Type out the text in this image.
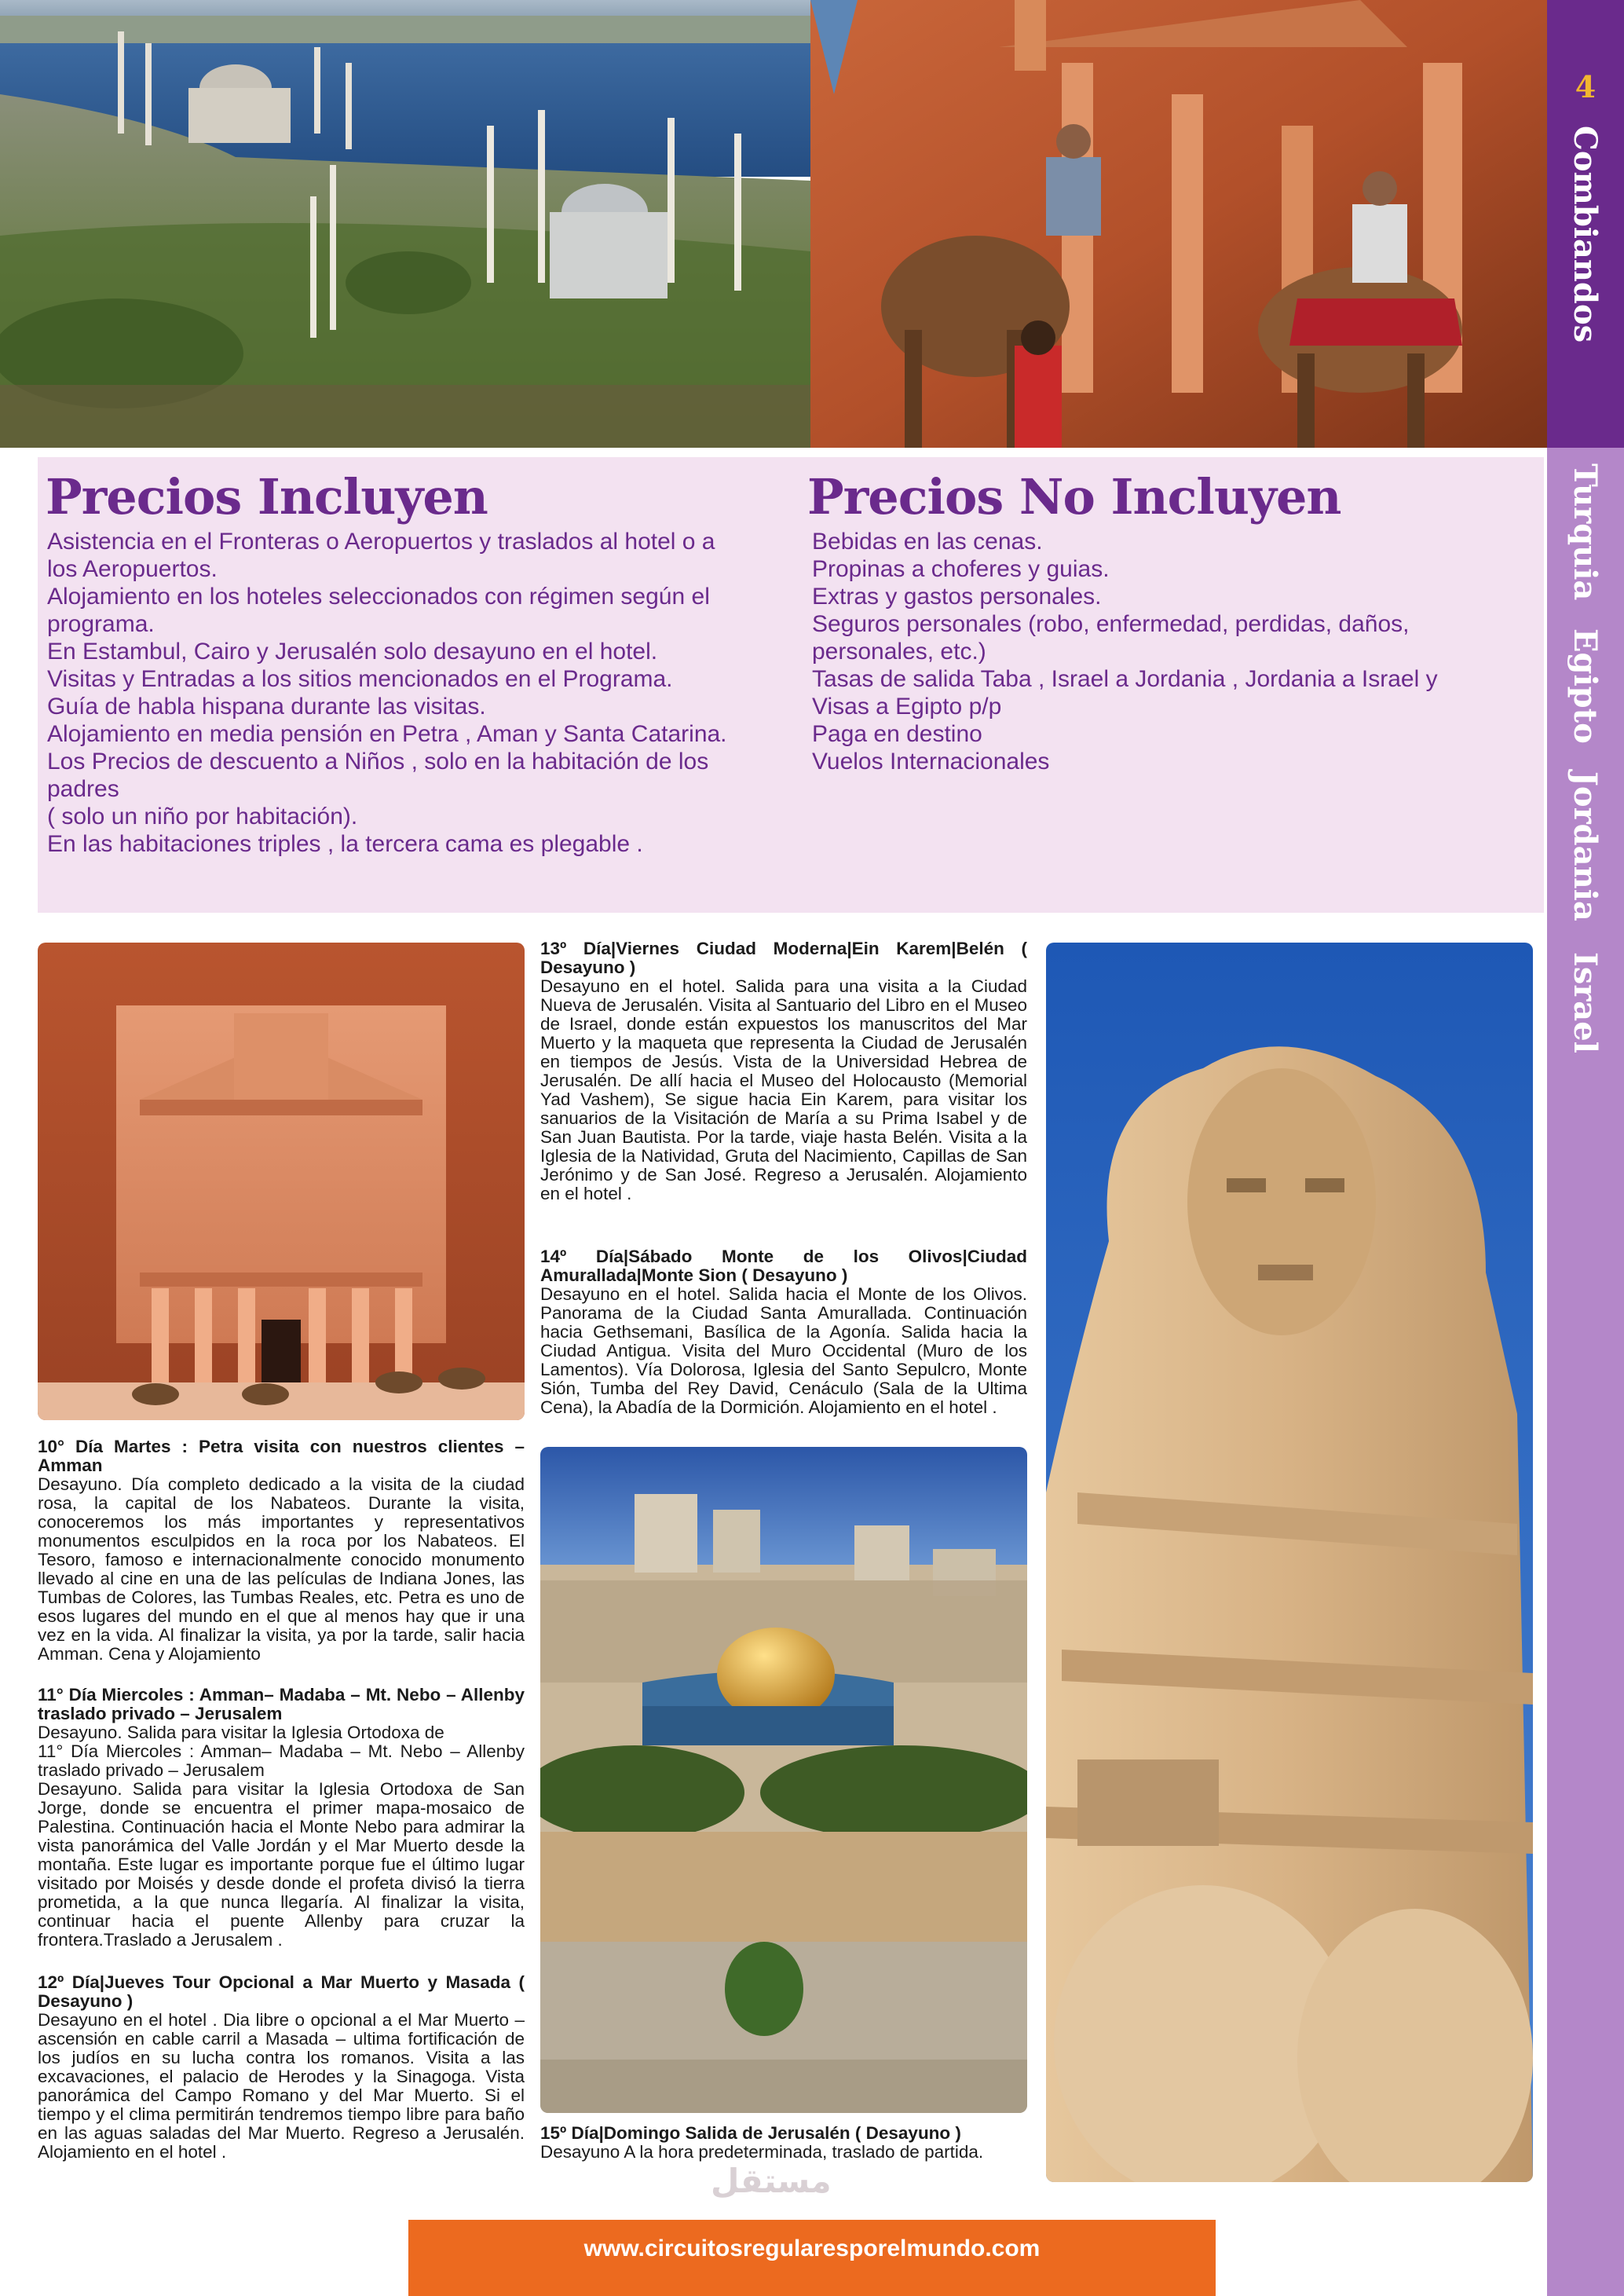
4
Combiandos
Turquia
Egipto
Jordania
Israel
Precios Incluyen
Asistencia en el Fronteras o Aeropuertos y traslados al hotel o a
los Aeropuertos.
Alojamiento en los hoteles seleccionados con régimen según el
programa.
En Estambul, Cairo y Jerusalén solo desayuno en el hotel.
Visitas y Entradas a los sitios mencionados en el Programa.
Guía de habla hispana durante las visitas.
Alojamiento en media pensión en Petra , Aman y Santa Catarina.
Los Precios de descuento a Niños , solo en la habitación de los
padres
( solo un niño por habitación).
En las habitaciones triples , la tercera cama es plegable .
Precios No Incluyen
Bebidas en las cenas.
Propinas a choferes y guias.
Extras y gastos personales.
Seguros personales (robo, enfermedad, perdidas, daños,
personales, etc.)
Tasas de salida Taba , Israel a Jordania , Jordania a Israel y
Visas a Egipto p/p
Paga en destino
Vuelos Internacionales
10° Día Martes : Petra visita con nuestros clientes – Amman

Desayuno. Día completo dedicado a la visita de la ciudad rosa, la capital de los Nabateos. Durante la visita, conoceremos los más importantes y representativos monumentos esculpidos en la roca por los Nabateos. El Tesoro, famoso e internacionalmente conocido monumento llevado al cine en una de las películas de Indiana Jones, las Tumbas de Colores, las Tumbas Reales, etc. Petra es uno de esos lugares del mundo en el que al menos hay que ir una vez en la vida. Al finalizar la visita, ya por la tarde, salir hacia Amman. Cena y Alojamiento

11° Día Miercoles : Amman– Madaba – Mt. Nebo – Allenby traslado privado – Jerusalem

Desayuno. Salida para visitar la Iglesia Ortodoxa de

11° Día Miercoles : Amman– Madaba – Mt. Nebo – Allenby traslado privado – Jerusalem

Desayuno. Salida para visitar la Iglesia Ortodoxa de San Jorge, donde se encuentra el primer mapa-mosaico de Palestina. Continuación hacia el Monte Nebo para admirar la vista panorámica del Valle Jordán y el Mar Muerto desde la montaña. Este lugar es importante porque fue el último lugar visitado por Moisés y desde donde el profeta divisó la tierra prometida, a la que nunca llegaría. Al finalizar la visita, continuar hacia el puente Allenby para cruzar la frontera.Traslado a Jerusalem .

12º Día|Jueves Tour Opcional a Mar Muerto y Masada ( Desayuno )

Desayuno en el hotel . Dia libre o opcional a el Mar Muerto – ascensión en cable carril a Masada – ultima fortificación de los judíos en su lucha contra los romanos. Visita a las excavaciones, el palacio de Herodes y la Sinagoga. Vista panorámica del Campo Romano y del Mar Muerto. Si el tiempo y el clima permitirán tendremos tiempo libre para baño en las aguas saladas del Mar Muerto. Regreso a Jerusalén. Alojamiento en el hotel .

13º Día|Viernes Ciudad Moderna|Ein Karem|Belén ( Desayuno )

Desayuno en el hotel. Salida para una visita a la Ciudad Nueva de Jerusalén. Visita al Santuario del Libro en el Museo de Israel, donde están expuestos los manuscritos del Mar Muerto y la maqueta que representa la Ciudad de Jerusalén en tiempos de Jesús. Vista de la Universidad Hebrea de Jerusalén. De allí hacia el Museo del Holocausto (Memorial Yad Vashem), Se sigue hacia Ein Karem, para visitar los sanuarios de la Visitación de María a su Prima Isabel y de San Juan Bautista. Por la tarde, viaje hasta Belén. Visita a la Iglesia de la Natividad, Gruta del Nacimiento, Capillas de San Jerónimo y de San José. Regreso a Jerusalén. Alojamiento en el hotel .

14º Día|Sábado Monte de los Olivos|Ciudad Amurallada|Monte Sion ( Desayuno )

Desayuno en el hotel. Salida hacia el Monte de los Olivos. Panorama de la Ciudad Santa Amurallada. Continuación hacia Gethsemani, Basílica de la Agonía. Salida hacia la Ciudad Antigua. Visita del Muro Occidental (Muro de los Lamentos). Vía Dolorosa, Iglesia del Santo Sepulcro, Monte Sión, Tumba del Rey David, Cenáculo (Sala de la Ultima Cena), la Abadía de la Dormición. Alojamiento en el hotel .

15º Día|Domingo Salida de Jerusalén ( Desayuno )

Desayuno A la hora predeterminada, traslado de partida.

مستقل
www.circuitosregularesporelmundo.com
